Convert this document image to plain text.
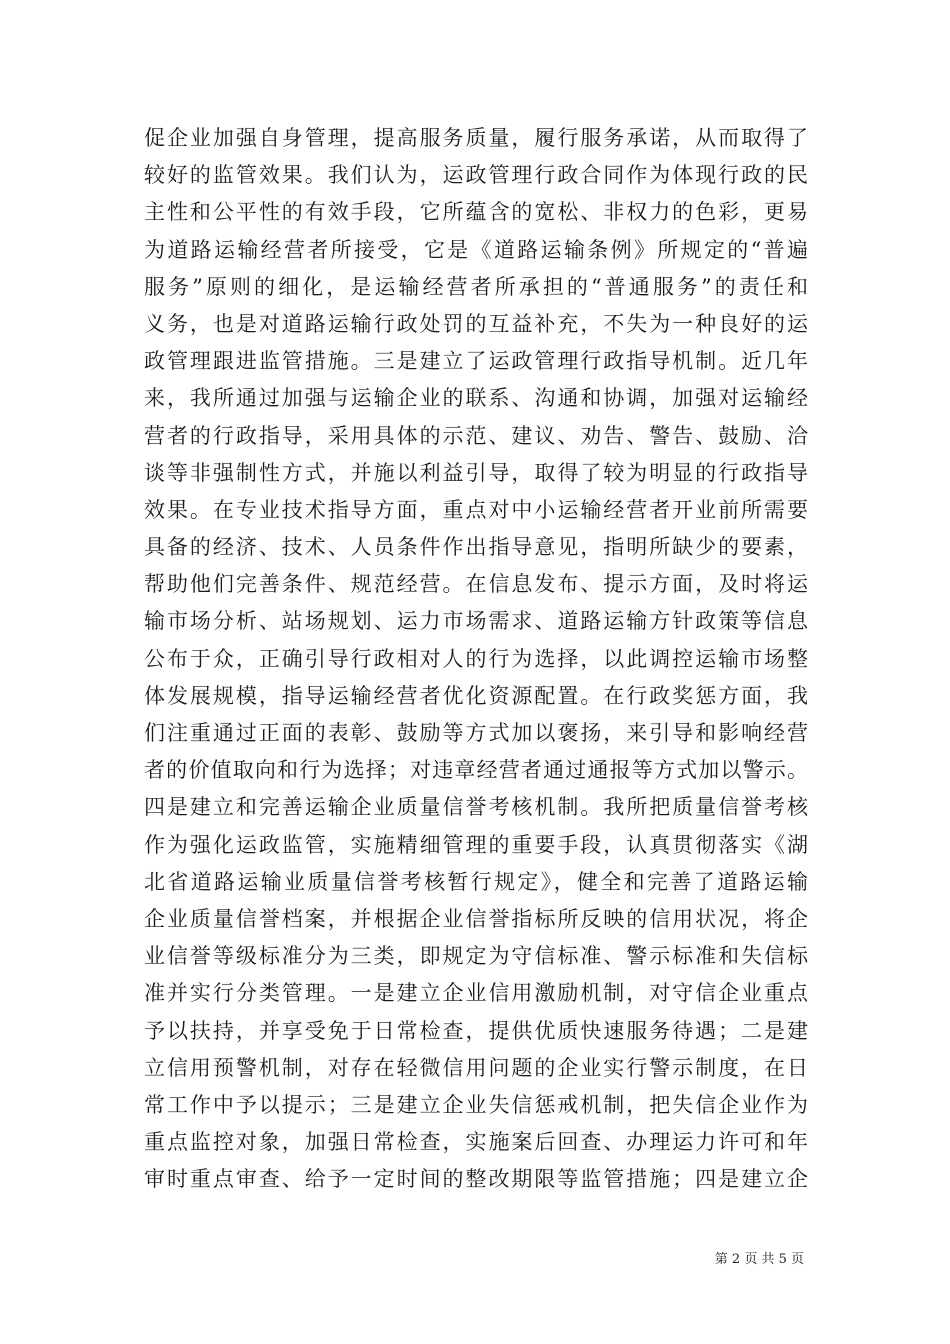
促企业加强自身管理，提高服务质量，履行服务承诺，从而取得了
较好的监管效果。我们认为，运政管理行政合同作为体现行政的民
主性和公平性的有效手段，它所蕴含的宽松、非权力的色彩，更易
为道路运输经营者所接受，它是《道路运输条例》所规定的“普遍
服务”原则的细化，是运输经营者所承担的“普通服务”的责任和
义务，也是对道路运输行政处罚的互益补充，不失为一种良好的运
政管理跟进监管措施。三是建立了运政管理行政指导机制。近几年
来，我所通过加强与运输企业的联系、沟通和协调，加强对运输经
营者的行政指导，采用具体的示范、建议、劝告、警告、鼓励、洽
谈等非强制性方式，并施以利益引导，取得了较为明显的行政指导
效果。在专业技术指导方面，重点对中小运输经营者开业前所需要
具备的经济、技术、人员条件作出指导意见，指明所缺少的要素，
帮助他们完善条件、规范经营。在信息发布、提示方面，及时将运
输市场分析、站场规划、运力市场需求、道路运输方针政策等信息
公布于众，正确引导行政相对人的行为选择，以此调控运输市场整
体发展规模，指导运输经营者优化资源配置。在行政奖惩方面，我
们注重通过正面的表彰、鼓励等方式加以褒扬，来引导和影响经营
者的价值取向和行为选择；对违章经营者通过通报等方式加以警示。
四是建立和完善运输企业质量信誉考核机制。我所把质量信誉考核
作为强化运政监管，实施精细管理的重要手段，认真贯彻落实《湖
北省道路运输业质量信誉考核暂行规定》，健全和完善了道路运输
企业质量信誉档案，并根据企业信誉指标所反映的信用状况，将企
业信誉等级标准分为三类，即规定为守信标准、警示标准和失信标
准并实行分类管理。一是建立企业信用激励机制，对守信企业重点
予以扶持，并享受免于日常检查，提供优质快速服务待遇；二是建
立信用预警机制，对存在轻微信用问题的企业实行警示制度，在日
常工作中予以提示；三是建立企业失信惩戒机制，把失信企业作为
重点监控对象，加强日常检查，实施案后回查、办理运力许可和年
审时重点审查、给予一定时间的整改期限等监管措施；四是建立企
第 2 页 共 5 页
